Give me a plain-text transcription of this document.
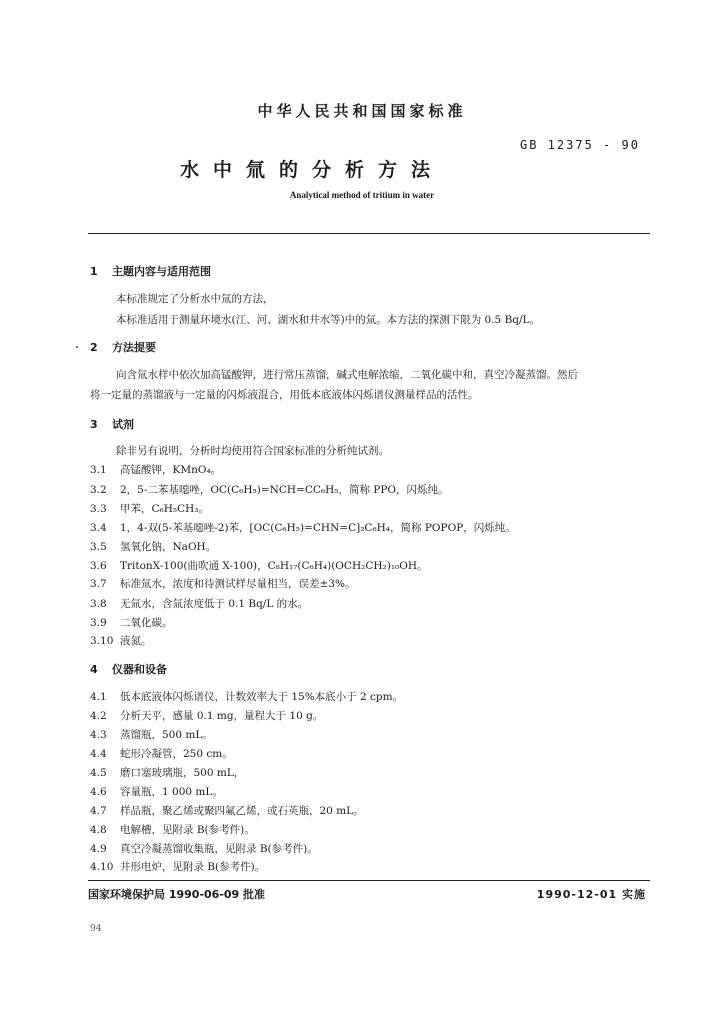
中华人民共和国国家标准
GB 12375 - 90
水中氚的分析方法
Analytical method of tritium in water
1 主题内容与适用范围
本标准规定了分析水中氚的方法，
本标准适用于测量环境水(江、河、湖水和井水等)中的氚。本方法的探测下限为 0.5 Bq/L。
2 方法提要
向含氚水样中依次加高锰酸钾，进行常压蒸馏，碱式电解浓缩，二氧化碳中和，真空冷凝蒸馏。然后
将一定量的蒸馏液与一定量的闪烁液混合，用低本底液体闪烁谱仪测量样品的活性。
3 试剂
除非另有说明，分析时均使用符合国家标准的分析纯试剂。
3.1 高锰酸钾，KMnO₄。
3.2 2，5-二苯基噁唑，OC(C₆H₅)=NCH=CC₆H₅，简称 PPO，闪烁纯。
3.3 甲苯，C₆H₅CH₃。
3.4 1，4-双(5-苯基噁唑-2)苯，[OC(C₆H₅)=CHN=C]₂C₆H₄，简称 POPOP，闪烁纯。
3.5 氢氧化钠，NaOH。
3.6 TritonX-100(曲吹通 X-100)，C₈H₁₇(C₆H₄)(OCH₂CH₂)₁₀OH。
3.7 标准氚水，浓度和待测试样尽量相当，误差±3%。
3.8 无氚水，含氚浓度低于 0.1 Bq/L 的水。
3.9 二氧化碳。
3.10 液氮。
4 仪器和设备
4.1 低本底液体闪烁谱仪，计数效率大于 15%本底小于 2 cpm。
4.2 分析天平，感量 0.1 mg，量程大于 10 g。
4.3 蒸馏瓶，500 mL。
4.4 蛇形冷凝管，250 cm。
4.5 磨口塞玻璃瓶，500 mL，
4.6 容量瓶，1 000 mL。
4.7 样品瓶，聚乙烯或聚四氟乙烯，或石英瓶，20 mL。
4.8 电解槽，见附录 B(参考件)。
4.9 真空冷凝蒸馏收集瓶，见附录 B(参考件)。
4.10 井形电炉，见附录 B(参考件)。
国家环境保护局 1990-06-09 批准	1990-12-01 实施
94
